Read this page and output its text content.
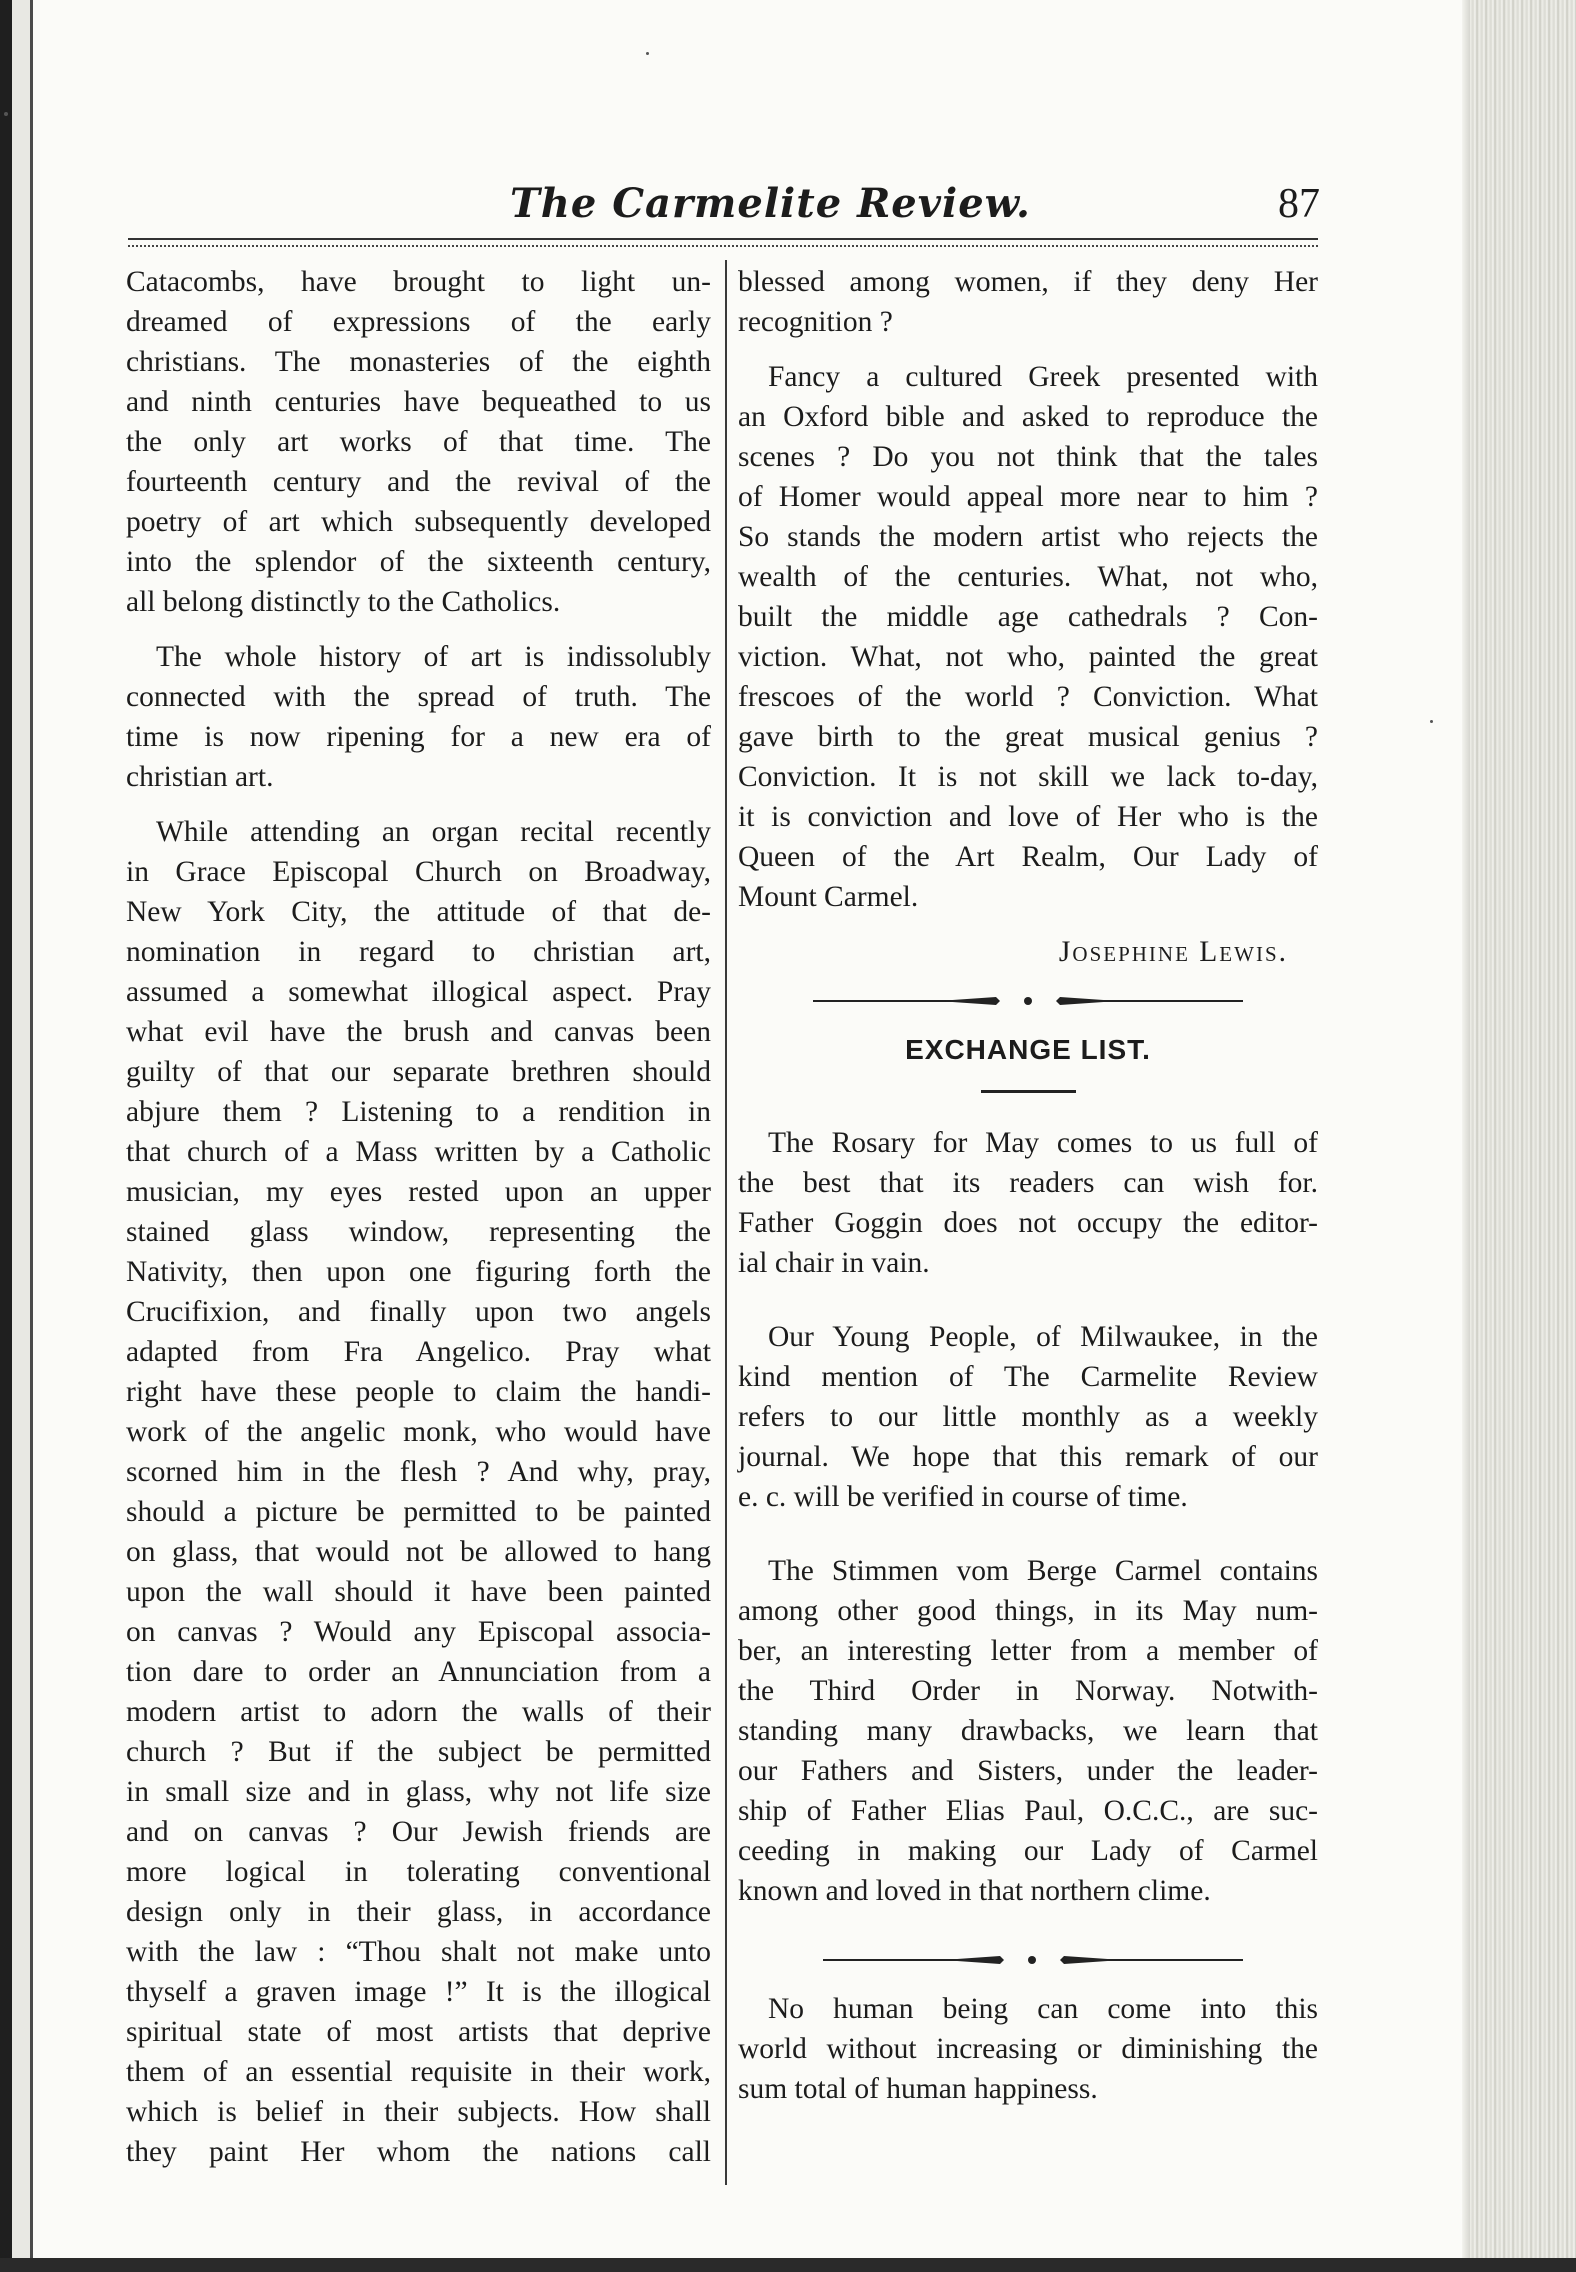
The Carmelite Review.	87

Catacombs, have brought to light un-
dreamed of expressions of the early
christians. The monasteries of the eighth
and ninth centuries have bequeathed to us
the only art works of that time. The
fourteenth century and the revival of the
poetry of art which subsequently developed
into the splendor of the sixteenth century,
all belong distinctly to the Catholics.

The whole history of art is indissolubly
connected with the spread of truth. The
time is now ripening for a new era of
christian art.

While attending an organ recital recently
in Grace Episcopal Church on Broadway,
New York City, the attitude of that de-
nomination in regard to christian art,
assumed a somewhat illogical aspect. Pray
what evil have the brush and canvas been
guilty of that our separate brethren should
abjure them ? Listening to a rendition in
that church of a Mass written by a Catholic
musician, my eyes rested upon an upper
stained glass window, representing the
Nativity, then upon one figuring forth the
Crucifixion, and finally upon two angels
adapted from Fra Angelico. Pray what
right have these people to claim the handi-
work of the angelic monk, who would have
scorned him in the flesh ? And why, pray,
should a picture be permitted to be painted
on glass, that would not be allowed to hang
upon the wall should it have been painted
on canvas ? Would any Episcopal associa-
tion dare to order an Annunciation from a
modern artist to adorn the walls of their
church ? But if the subject be permitted
in small size and in glass, why not life size
and on canvas ? Our Jewish friends are
more logical in tolerating conventional
design only in their glass, in accordance
with the law : “Thou shalt not make unto
thyself a graven image !” It is the illogical
spiritual state of most artists that deprive
them of an essential requisite in their work,
which is belief in their subjects. How shall
they paint Her whom the nations call

blessed among women, if they deny Her
recognition ?

Fancy a cultured Greek presented with
an Oxford bible and asked to reproduce the
scenes ? Do you not think that the tales
of Homer would appeal more near to him ?
So stands the modern artist who rejects the
wealth of the centuries. What, not who,
built the middle age cathedrals ? Con-
viction. What, not who, painted the great
frescoes of the world ? Conviction. What
gave birth to the great musical genius ?
Conviction. It is not skill we lack to-day,
it is conviction and love of Her who is the
Queen of the Art Realm, Our Lady of
Mount Carmel.

Josephine Lewis.
EXCHANGE LIST.

The Rosary for May comes to us full of
the best that its readers can wish for.
Father Goggin does not occupy the editor-
ial chair in vain.

Our Young People, of Milwaukee, in the
kind mention of The Carmelite Review
refers to our little monthly as a weekly
journal. We hope that this remark of our
e. c. will be verified in course of time.

The Stimmen vom Berge Carmel contains
among other good things, in its May num-
ber, an interesting letter from a member of
the Third Order in Norway. Notwith-
standing many drawbacks, we learn that
our Fathers and Sisters, under the leader-
ship of Father Elias Paul, O.C.C., are suc-
ceeding in making our Lady of Carmel
known and loved in that northern clime.

No human being can come into this
world without increasing or diminishing the
sum total of human happiness.
